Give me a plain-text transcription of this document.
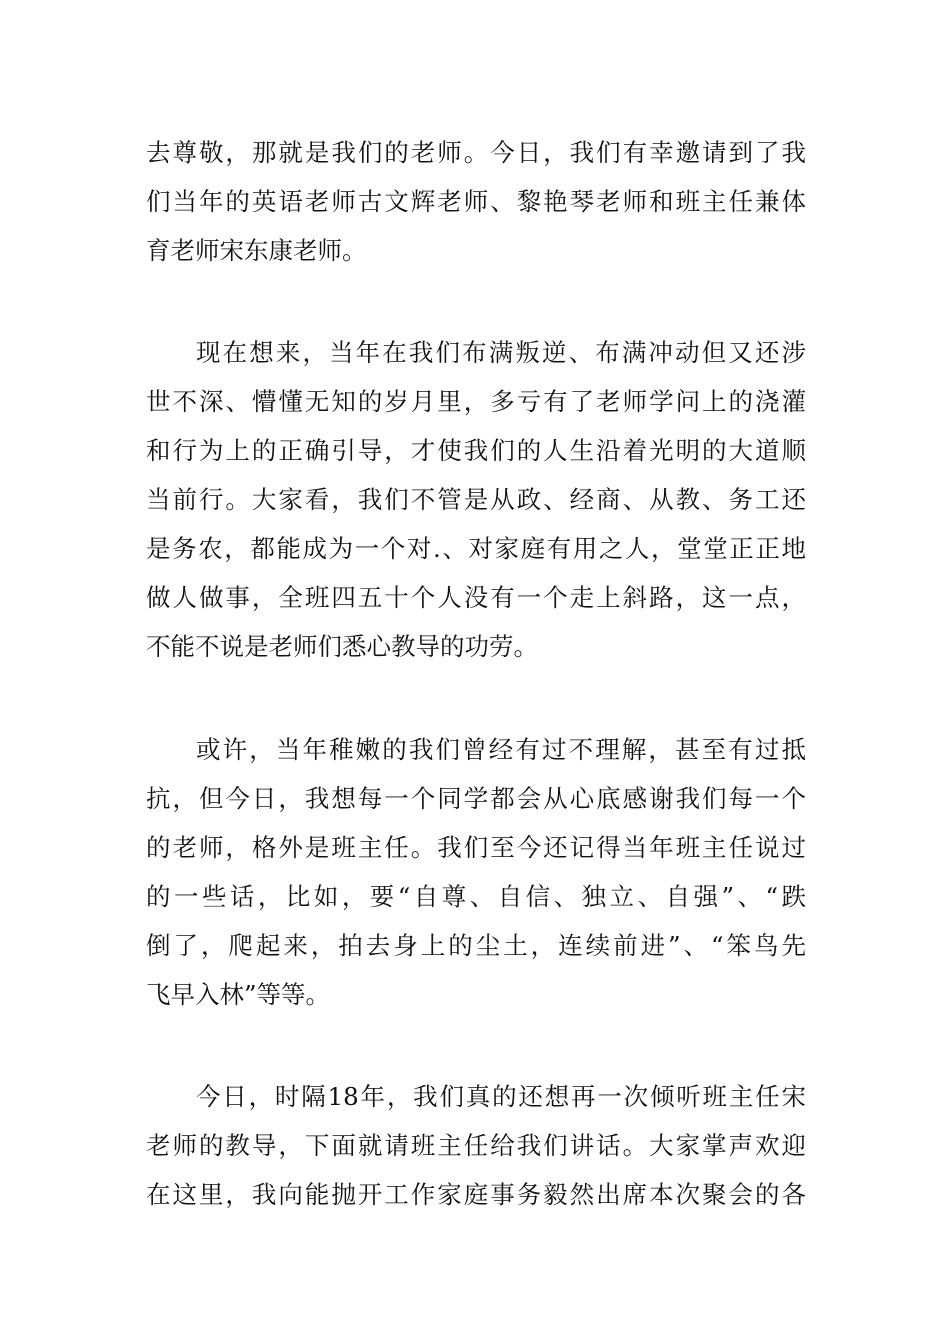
去尊敬，那就是我们的老师。今日，我们有幸邀请到了我
们当年的英语老师古文辉老师、黎艳琴老师和班主任兼体
育老师宋东康老师。
现在想来，当年在我们布满叛逆、布满冲动但又还涉
世不深、懵懂无知的岁月里，多亏有了老师学问上的浇灌
和行为上的正确引导，才使我们的人生沿着光明的大道顺
当前行。大家看，我们不管是从政、经商、从教、务工还
是务农，都能成为一个对.、对家庭有用之人，堂堂正正地
做人做事，全班四五十个人没有一个走上斜路，这一点，
不能不说是老师们悉心教导的功劳。
或许，当年稚嫩的我们曾经有过不理解，甚至有过抵
抗，但今日，我想每一个同学都会从心底感谢我们每一个
的老师，格外是班主任。我们至今还记得当年班主任说过
的一些话，比如，要“自尊、自信、独立、自强”、“跌
倒了，爬起来，拍去身上的尘土，连续前进”、“笨鸟先
飞早入林”等等。
今日，时隔18年，我们真的还想再一次倾听班主任宋
老师的教导，下面就请班主任给我们讲话。大家掌声欢迎
在这里，我向能抛开工作家庭事务毅然出席本次聚会的各
